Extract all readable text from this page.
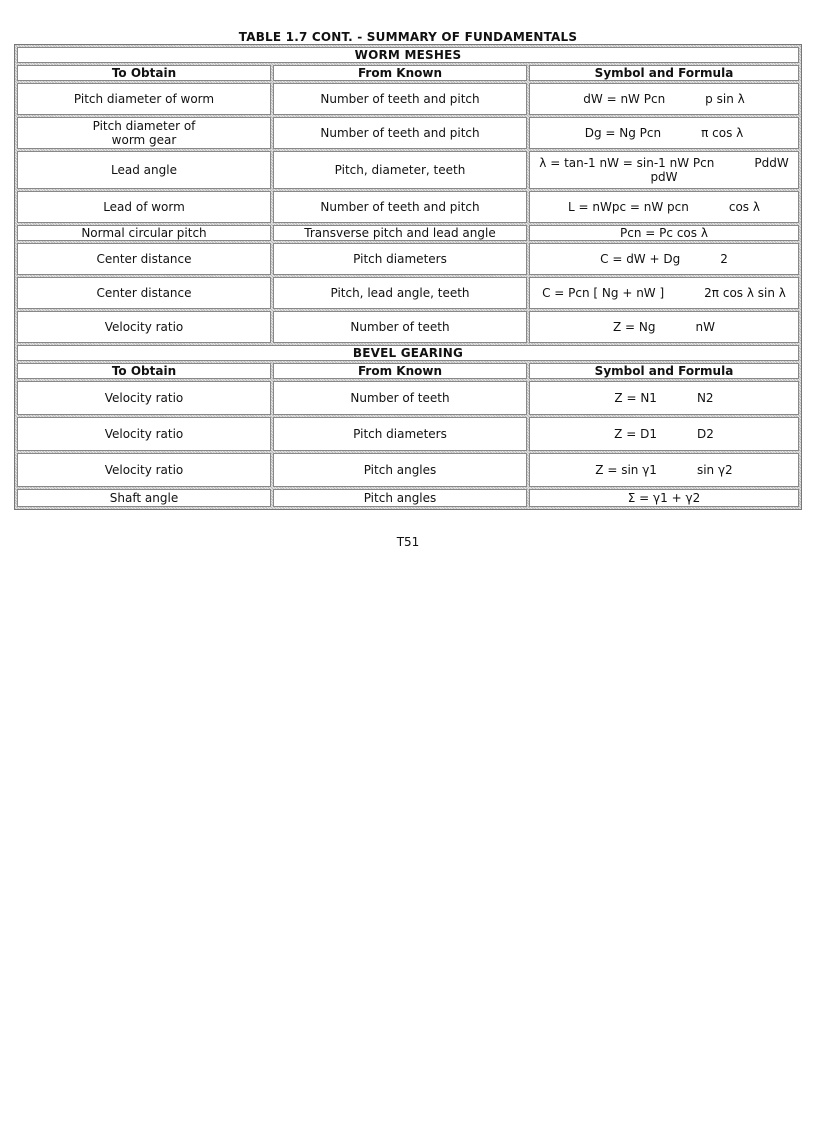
TABLE 1.7 CONT. - SUMMARY OF FUNDAMENTALS
WORM MESHES		
To Obtain	From Known	Symbol and Formula
Pitch diameter of worm	Number of teeth and pitch	dW = nW Pcn p sin λ
Pitch diameter of worm gear	Number of teeth and pitch	Dg = Ng Pcn π cos λ
Lead angle	Pitch, diameter, teeth	λ = tan-1 nW = sin-1 nW Pcn PddW pdW
Lead of worm	Number of teeth and pitch	L = nWpc = nW pcn cos λ
Normal circular pitch	Transverse pitch and lead angle	Pcn = Pc cos λ
Center distance	Pitch diameters	C = dW + Dg 2
Center distance	Pitch, lead angle, teeth	C = Pcn [ Ng + nW ] 2π cos λ sin λ
Velocity ratio	Number of teeth	Z = Ng nW
BEVEL GEARING		
To Obtain	From Known	Symbol and Formula
Velocity ratio	Number of teeth	Z = N1 N2
Velocity ratio	Pitch diameters	Z = D1 D2
Velocity ratio	Pitch angles	Z = sin γ1 sin γ2
Shaft angle	Pitch angles	Σ = γ1 + γ2
T51
